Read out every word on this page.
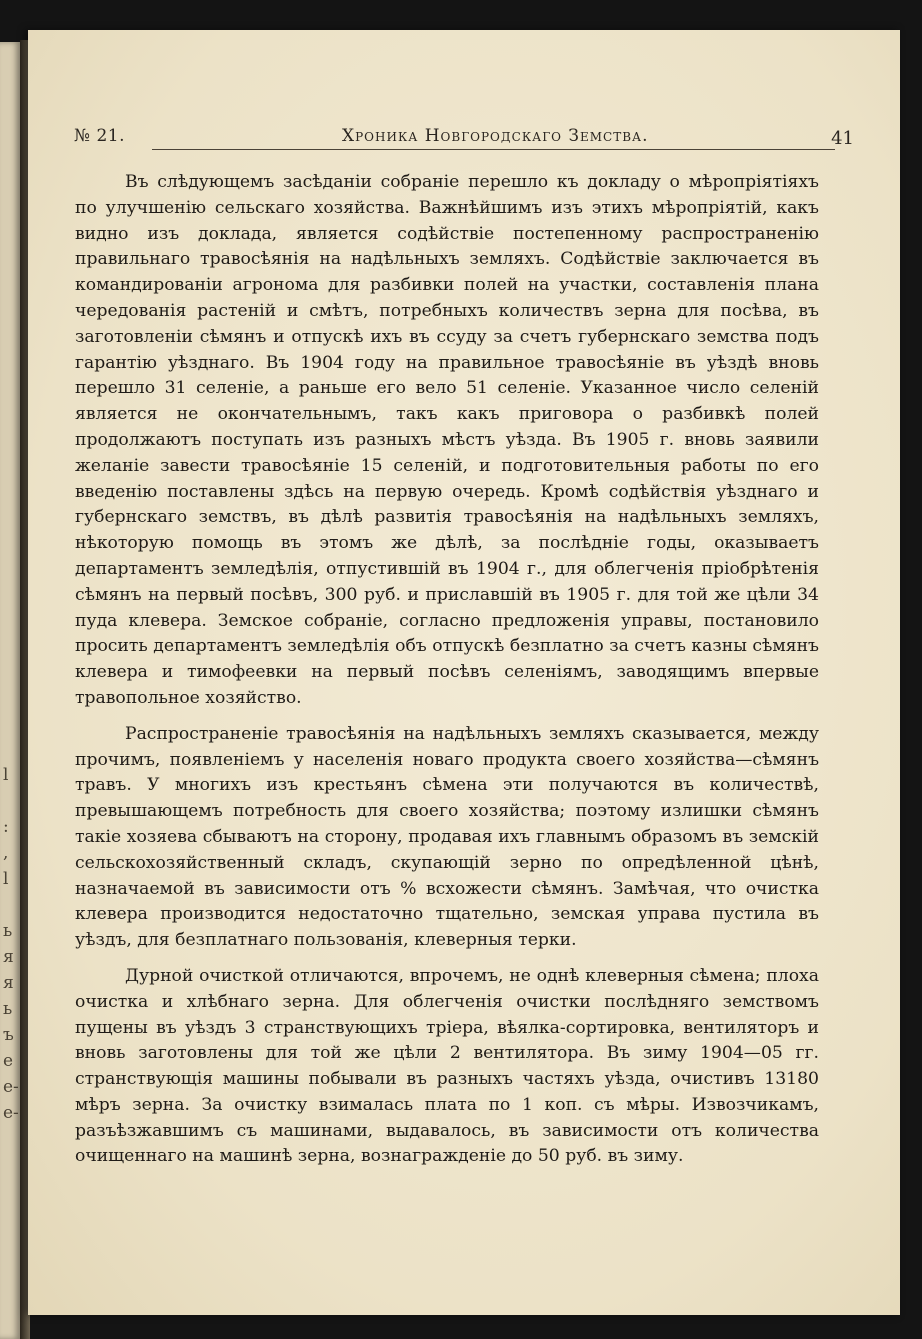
l

:
,
l

ь
я
я
ь
ъ
е
e-
e-
№ 21.	Хроника Новгородскаго Земства.	41

Въ слѣдующемъ засѣданіи собраніе перешло къ докладу о мѣропріятіяхъ по улучшенію сельскаго хозяйства. Важнѣйшимъ изъ этихъ мѣропріятій, какъ видно изъ доклада, является содѣйствіе постепенному распространенію правильнаго травосѣянія на надѣльныхъ земляхъ. Содѣйствіе заключается въ командированіи агронома для разбивки полей на участки, составленія плана чередованія растеній и смѣтъ, потребныхъ количествъ зерна для посѣва, въ заготовленіи сѣмянъ и отпускѣ ихъ въ ссуду за счетъ губернскаго земства подъ гарантію уѣзднаго. Въ 1904 году на правильное травосѣяніе въ уѣздѣ вновь перешло 31 селеніе, а раньше его вело 51 селеніе. Указанное число селеній является не окончательнымъ, такъ какъ приговора о разбивкѣ полей продолжаютъ поступать изъ разныхъ мѣстъ уѣзда. Въ 1905 г. вновь заявили желаніе завести травосѣяніе 15 селеній, и подготовительныя работы по его введенію поставлены здѣсь на первую очередь. Кромѣ содѣйствія уѣзднаго и губернскаго земствъ, въ дѣлѣ развитія травосѣянія на надѣльныхъ земляхъ, нѣкоторую помощь въ этомъ же дѣлѣ, за послѣдніе годы, оказываетъ департаментъ земледѣлія, отпустившій въ 1904 г., для облегченія пріобрѣтенія сѣмянъ на первый посѣвъ, 300 руб. и приславшій въ 1905 г. для той же цѣли 34 пуда клевера. Земское собраніе, согласно предложенія управы, постановило просить департаментъ земледѣлія объ отпускѣ безплатно за счетъ казны сѣмянъ клевера и тимофеевки на первый посѣвъ селеніямъ, заводящимъ впервые травопольное хозяйство.

Распространеніе травосѣянія на надѣльныхъ земляхъ сказывается, между прочимъ, появленіемъ у населенія новаго продукта своего хозяйства—сѣмянъ травъ. У многихъ изъ крестьянъ сѣмена эти получаются въ количествѣ, превышающемъ потребность для своего хозяйства; поэтому излишки сѣмянъ такіе хозяева сбываютъ на сторону, продавая ихъ главнымъ образомъ въ земскій сельскохозяйственный складъ, скупающій зерно по опредѣленной цѣнѣ, назначаемой въ зависимости отъ % всхожести сѣмянъ. Замѣчая, что очистка клевера производится недостаточно тщательно, земская управа пустила въ уѣздъ, для безплатнаго пользованія, клеверныя терки.

Дурной очисткой отличаются, впрочемъ, не однѣ клеверныя сѣмена; плоха очистка и хлѣбнаго зерна. Для облегченія очистки послѣдняго земствомъ пущены въ уѣздъ 3 странствующихъ тріера, вѣялка-сортировка, вентиляторъ и вновь заготовлены для той же цѣли 2 вентилятора. Въ зиму 1904—05 гг. странствующія машины побывали въ разныхъ частяхъ уѣзда, очистивъ 13180 мѣръ зерна. За очистку взималась плата по 1 коп. съ мѣры. Извозчикамъ, разъѣзжавшимъ съ машинами, выдавалось, въ зависимости отъ количества очищеннаго на машинѣ зерна, вознагражденіе до 50 руб. въ зиму.
